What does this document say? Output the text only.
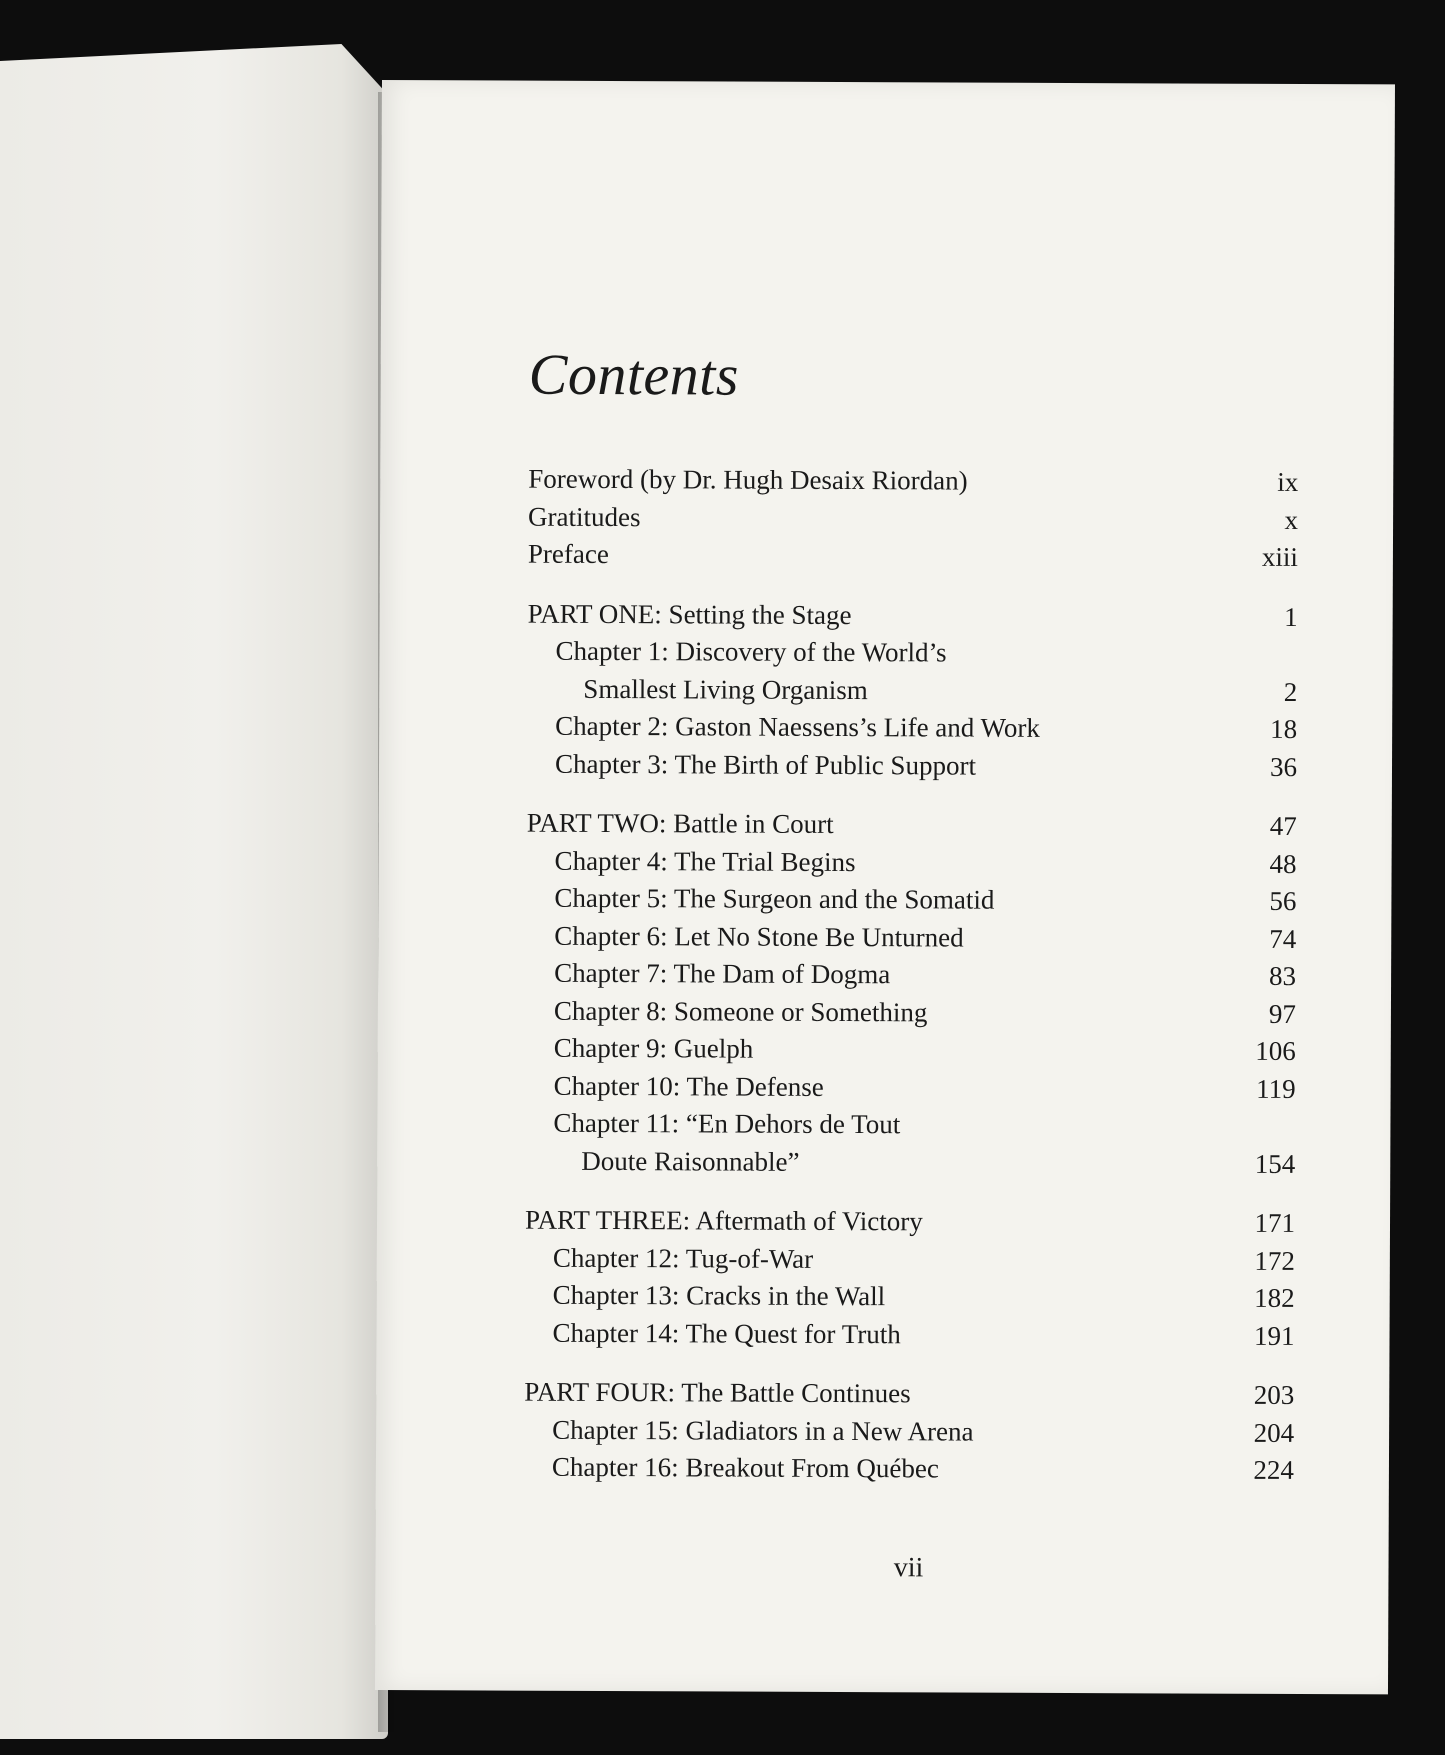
Contents
Foreword (by Dr. Hugh Desaix Riordan)	ix
Gratitudes	x
Preface	xiii
PART ONE: Setting the Stage	1
Chapter 1: Discovery of the World’s
Smallest Living Organism	2
Chapter 2: Gaston Naessens’s Life and Work	18
Chapter 3: The Birth of Public Support	36
PART TWO: Battle in Court	47
Chapter 4: The Trial Begins	48
Chapter 5: The Surgeon and the Somatid	56
Chapter 6: Let No Stone Be Unturned	74
Chapter 7: The Dam of Dogma	83
Chapter 8: Someone or Something	97
Chapter 9: Guelph	106
Chapter 10: The Defense	119
Chapter 11: “En Dehors de Tout
Doute Raisonnable”	154
PART THREE: Aftermath of Victory	171
Chapter 12: Tug-of-War	172
Chapter 13: Cracks in the Wall	182
Chapter 14: The Quest for Truth	191
PART FOUR: The Battle Continues	203
Chapter 15: Gladiators in a New Arena	204
Chapter 16: Breakout From Québec	224
vii
